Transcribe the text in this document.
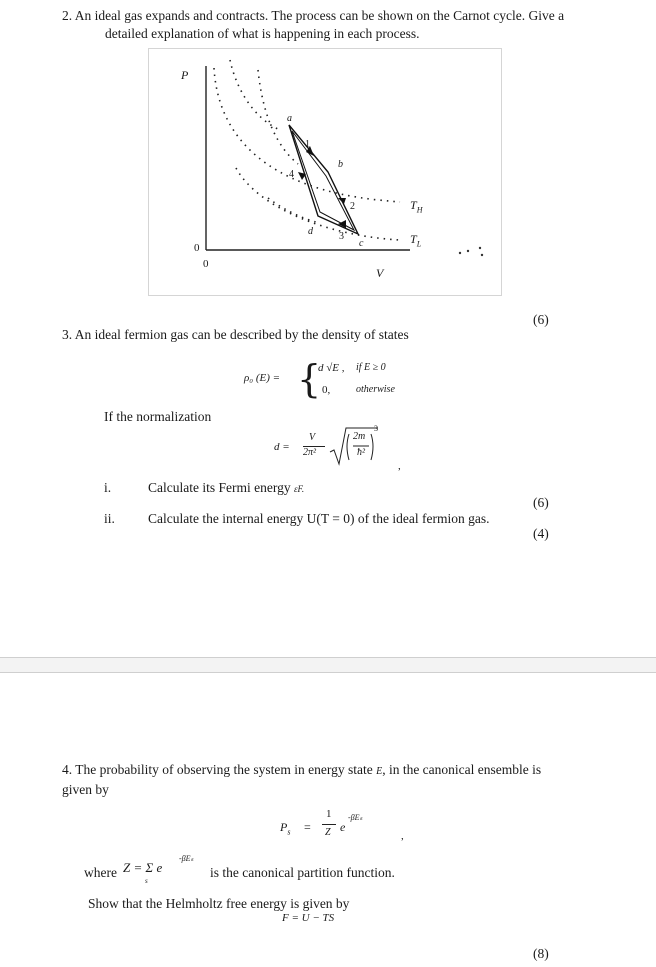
2. An ideal gas expands and contracts. The process can be shown on the Carnot cycle. Give a
detailed explanation of what is happening in each process.
P
V
0
0
a
b
c
d
1
2
3
4
$T_H$
$T_L$
(6)
3. An ideal fermion gas can be described by the density of states
ρ₀ (E) = {
d √E , if E ≥ 0
0,	otherwise
If the normalization
d =
V
2π²
2m
ħ²
3
,
i.	Calculate its Fermi energy εF.
(6)
ii. Calculate the internal energy U(T = 0) of the ideal fermion gas.
(4)
4. The probability of observing the system in energy state E, in the canonical ensemble is
given by
$P_s$ =
1
Z e
-βEₛ
,
where Z = Σ e
-βEₛ
s
is the canonical partition function.
Show that the Helmholtz free energy is given by
F = U − TS
(8)
